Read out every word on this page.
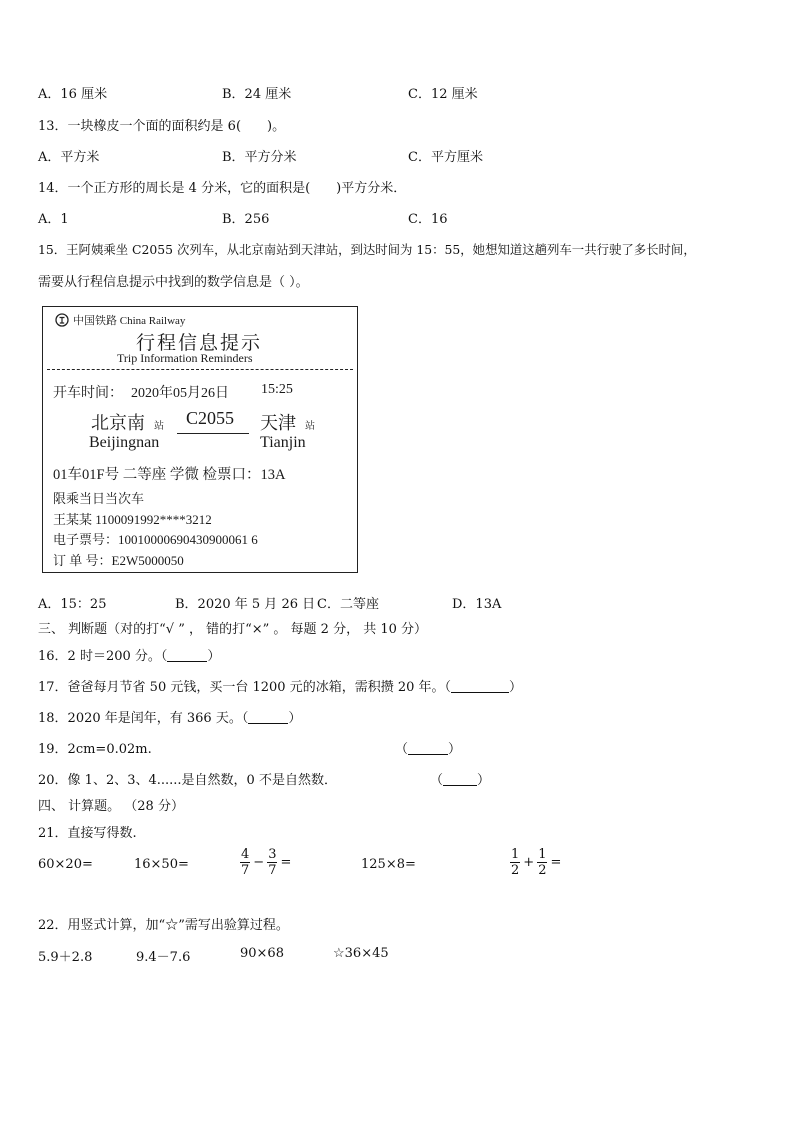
A．16 厘米	B．24 厘米	C．12 厘米
13．一块橡皮一个面的面积约是 6(　　)。
A．平方米	B．平方分米	C．平方厘米
14．一个正方形的周长是 4 分米，它的面积是(　　)平方分米．
A．1	B．256	C．16
15．王阿姨乘坐 C2055 次列车，从北京南站到天津站，到达时间为 15：55，她想知道这趟列车一共行驶了多长时间，
需要从行程信息提示中找到的数学信息是（ ）。
中国铁路 China Railway
行程信息提示
Trip Information Reminders
开车时间： 2020年05月26日 15:25
北京南 站
Beijingnan
C2055 天津 站
Tianjin
01车01F号 二等座 学微 检票口：13A
限乘当日当次车
王某某 1100091992****3212
电子票号：10010000690430900061 6
订 单 号：E2W5000050
A．15：25	B．2020 年 5 月 26 日 C．二等座	D．13A
三、 判断题（对的打“√ ” ， 错的打“×” 。 每题 2 分， 共 10 分）
16．2 时＝200 分。（	）
17．爸爸每月节省 50 元钱，买一台 1200 元的冰箱，需积攒 20 年。（	）
18．2020 年是闰年，有 366 天。（	）
19．2cm=0.02m.	（	）
20．像 1、2、3、4......是自然数，0 不是自然数．	（	）
四、 计算题。 （28 分）
21．直接写得数.
60×20=	16×50=	$\frac{4}{7} - \frac{3}{7}$ =	125×8=	$\frac{1}{2} + \frac{1}{2}$ =
22．用竖式计算，加“☆”需写出验算过程。
5.9＋2.8	9.4－7.6	90×68	☆36×45
